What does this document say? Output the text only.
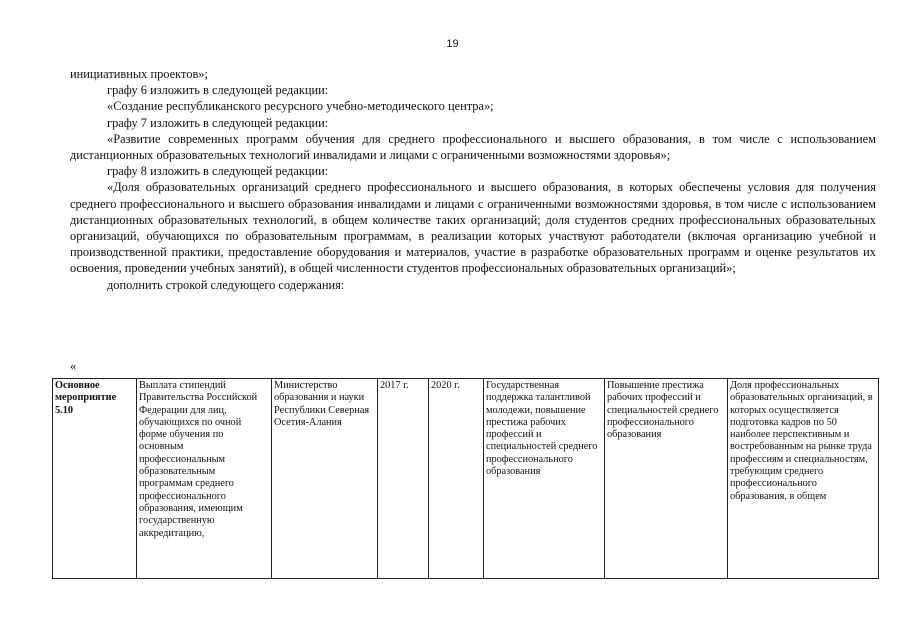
19

инициативных проектов»;

графу 6 изложить в следующей редакции:

«Создание республиканского ресурсного учебно-методического центра»;

графу 7 изложить в следующей редакции:

«Развитие современных программ обучения для среднего профессионального и высшего образования, в том числе с использованием дистанционных образовательных технологий инвалидами и лицами с ограниченными возможностями здоровья»;

графу 8 изложить в следующей редакции:

«Доля образовательных организаций среднего профессионального и высшего образования, в которых обеспечены условия для получения среднего профессионального и высшего образования инвалидами и лицами с ограниченными возможностями здоровья, в том числе с использованием дистанционных образовательных технологий, в общем количестве таких организаций; доля студентов средних профессиональных образовательных организаций, обучающихся по образовательным программам, в реализации которых участвуют работодатели (включая организацию учебной и производственной практики, предоставление оборудования и материалов, участие в разработке образовательных программ и оценке результатов их освоения, проведении учебных занятий), в общей численности студентов профессиональных образовательных организаций»;

дополнить строкой следующего содержания:

«
Основное мероприятие 5.10	Выплата стипендий Правительства Российской Федерации для лиц, обучающихся по очной форме обучения по основным профессиональным образовательным программам среднего профессионального образования, имеющим государственную аккредитацию,	Министерство образования и науки Республики Северная Осетия-Алания	2017 г.	2020 г.	Государственная поддержка талантливой молодежи, повышение престижа рабочих профессий и специальностей среднего профессионального образования	Повышение престижа рабочих профессий и специальностей среднего профессионального образования	Доля профессиональных образовательных организаций, в которых осуществляется подготовка кадров по 50 наиболее перспективным и востребованным на рынке труда профессиям и специальностям, требующим среднего профессионального образования, в общем
